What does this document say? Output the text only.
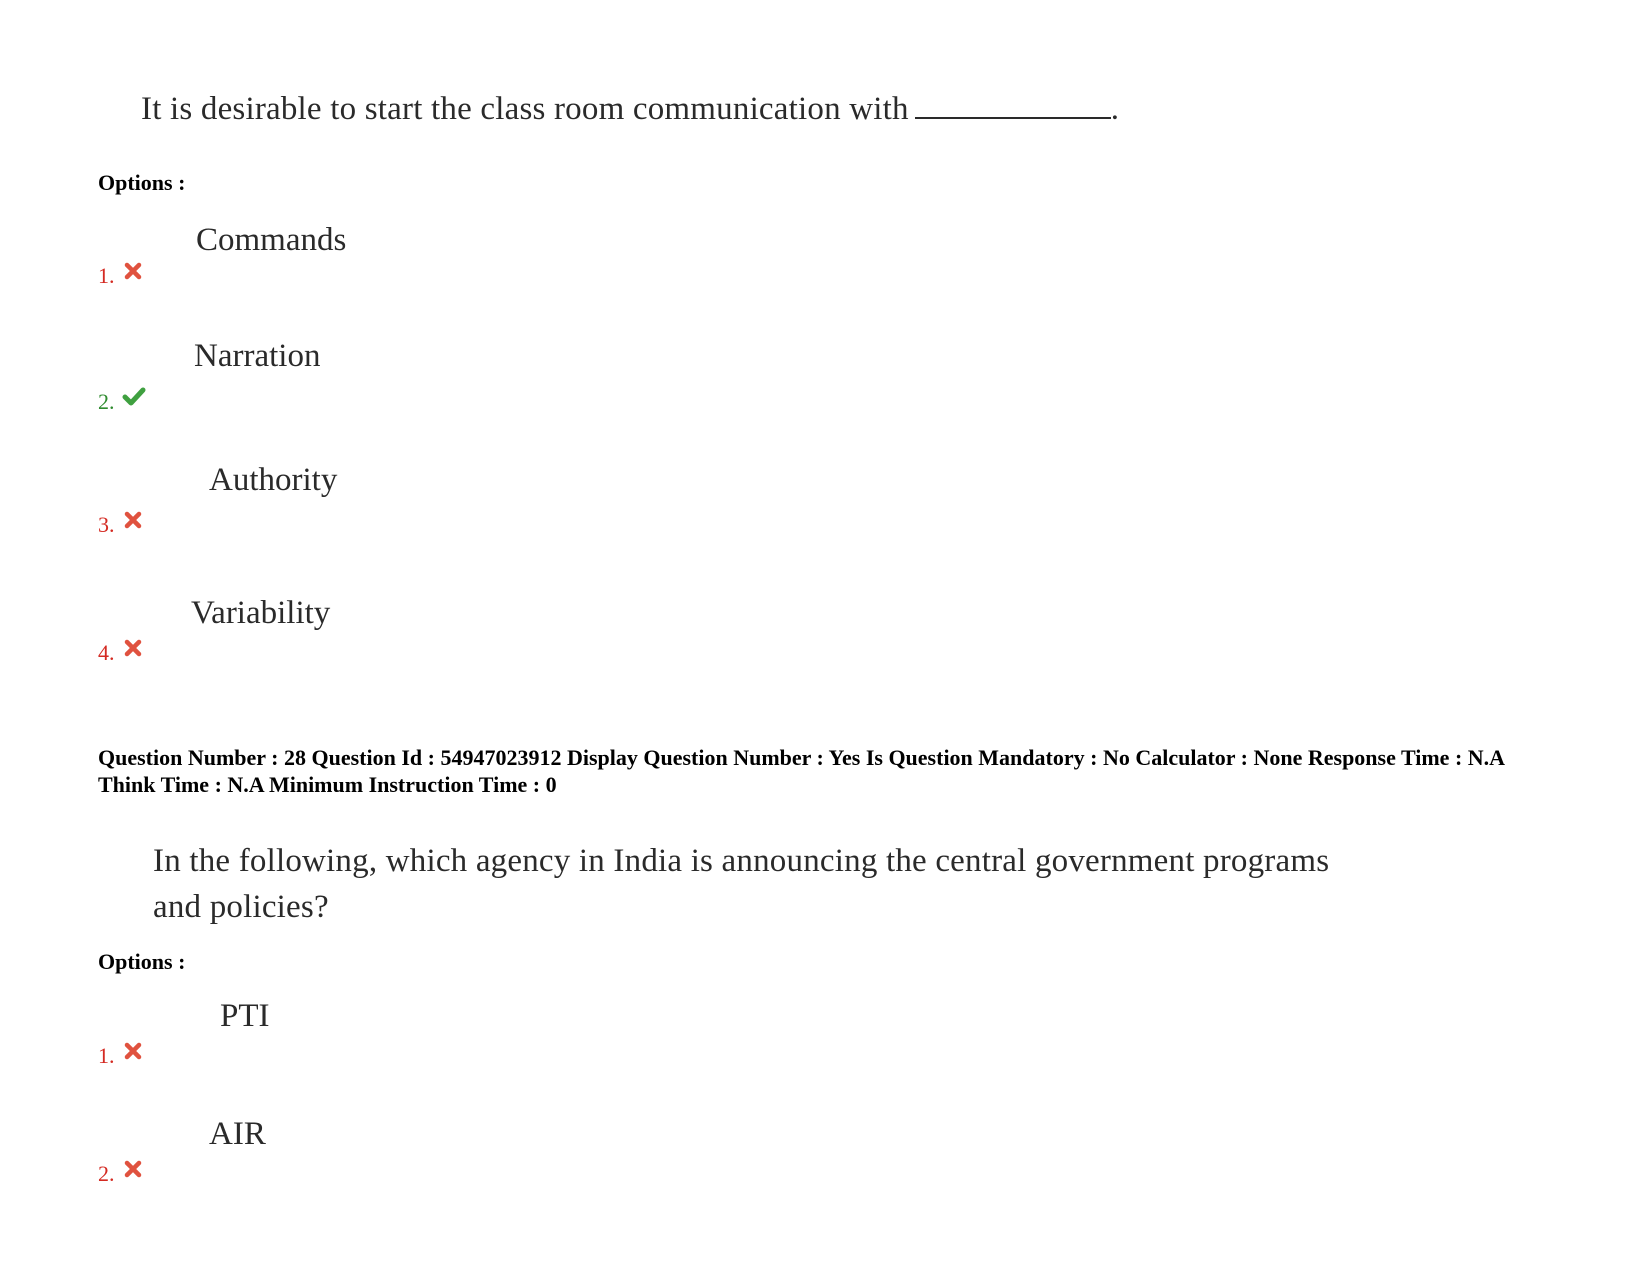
It is desirable to start the class room communication with	.
Options :
Commands
1.
Narration
2.
Authority
3.
Variability
4.
Question Number : 28 Question Id : 54947023912 Display Question Number : Yes Is Question Mandatory : No Calculator : None Response Time : N.A Think Time : N.A Minimum Instruction Time : 0
In the following, which agency in India is announcing the central government programs
and policies?
Options :
PTI
1.
AIR
2.
